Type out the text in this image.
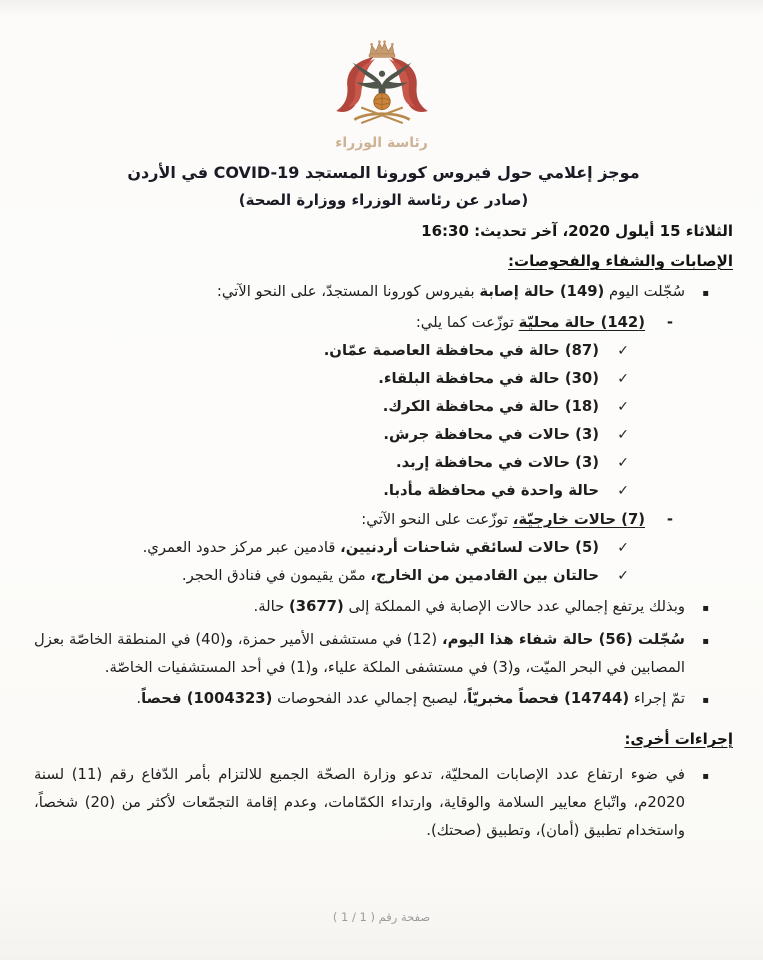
رئاسة الوزراء
موجز إعلامي حول فيروس كورونا المستجد COVID-19 في الأردن
(صادر عن رئاسة الوزراء ووزارة الصحة)
الثلاثاء 15 أيلول 2020، آخر تحديث: 16:30
الإصابات والشفاء والفحوصات:
▪
سُجّلت اليوم (149) حالة إصابة بفيروس كورونا المستجدّ، على النحو الآتي:
-
(142) حالة محليّة توزّعت كما يلي:
✓
(87) حالة في محافظة العاصمة عمّان.
✓
(30) حالة في محافظة البلقاء.
✓
(18) حالة في محافظة الكرك.
✓
(3) حالات في محافظة جرش.
✓
(3) حالات في محافظة إربد.
✓
حالة واحدة في محافظة مأدبا.
-
(7) حالات خارجيّة، توزّعت على النحو الآتي:
✓
(5) حالات لسائقي شاحنات أردنيين، قادمين عبر مركز حدود العمري.
✓
حالتان بين القادمين من الخارج، ممّن يقيمون في فنادق الحجر.
▪
وبذلك يرتفع إجمالي عدد حالات الإصابة في المملكة إلى (3677) حالة.
▪
سُجّلت (56) حالة شفاء هذا اليوم، (12) في مستشفى الأمير حمزة، و(40) في المنطقة الخاصّة بعزل المصابين في البحر الميّت، و(3) في مستشفى الملكة علياء، و(1) في أحد المستشفيات الخاصّة.
▪
تمّ إجراء (14744) فحصاً مخبريّاً، ليصبح إجمالي عدد الفحوصات (1004323) فحصاً.
إجراءات أخرى:
▪
في ضوء ارتفاع عدد الإصابات المحليّة، تدعو وزارة الصحّة الجميع للالتزام بأمر الدّفاع رقم (11) لسنة 2020م، واتّباع معايير السلامة والوقاية، وارتداء الكمّامات، وعدم إقامة التجمّعات لأكثر من (20) شخصاً، واستخدام تطبيق (أمان)، وتطبيق (صحتك).
صفحة رقم ( 1 / 1 )
